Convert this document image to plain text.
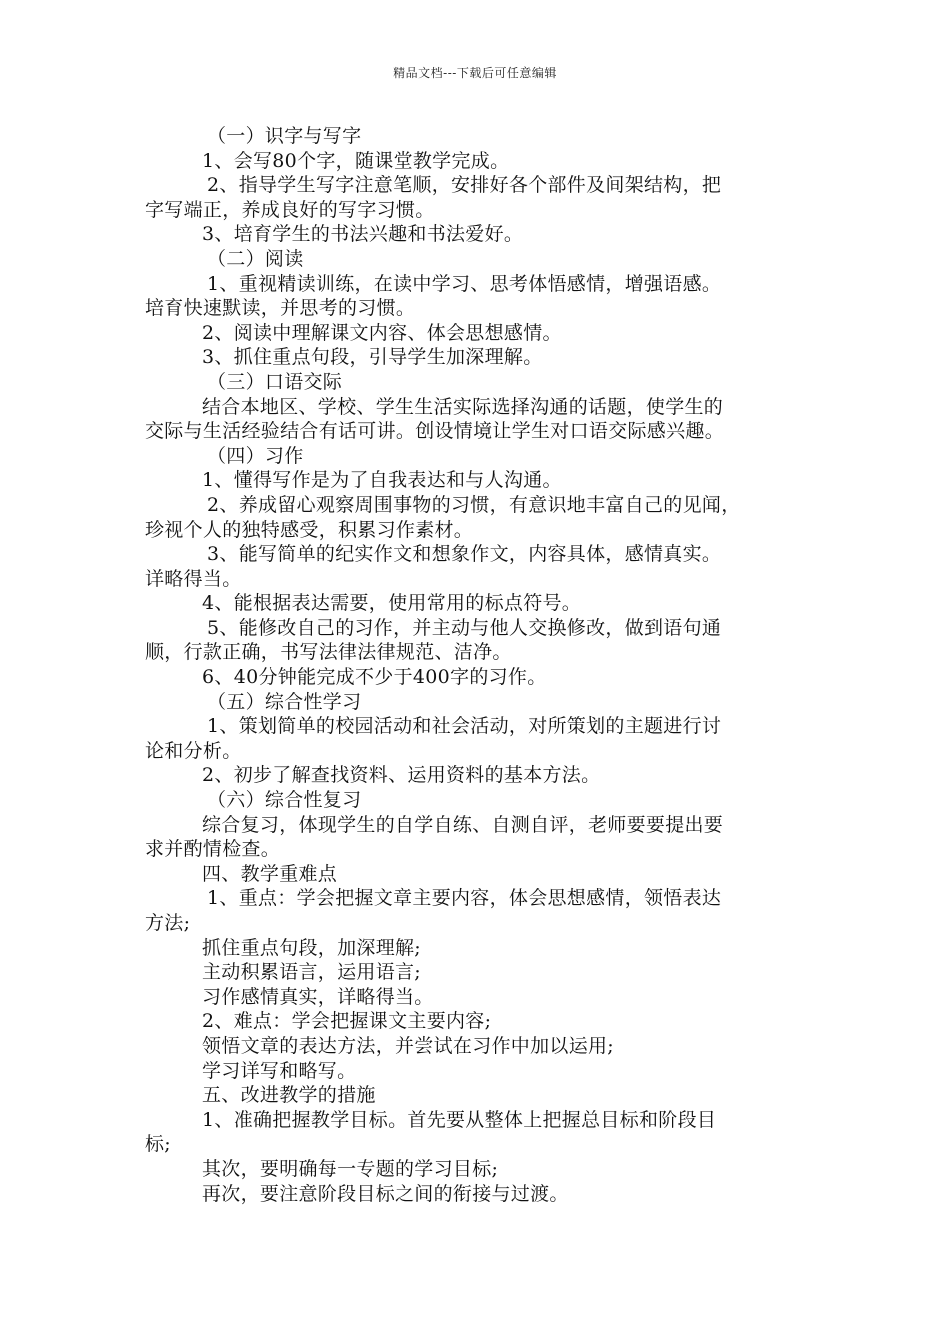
精品文档---下载后可任意编辑

（一）识字与写字

1、会写80个字，随课堂教学完成。

2、指导学生写字注意笔顺，安排好各个部件及间架结构，把

字写端正，养成良好的写字习惯。

3、培育学生的书法兴趣和书法爱好。

（二）阅读

1、重视精读训练，在读中学习、思考体悟感情，增强语感。

培育快速默读，并思考的习惯。

2、阅读中理解课文内容、体会思想感情。

3、抓住重点句段，引导学生加深理解。

（三）口语交际

结合本地区、学校、学生生活实际选择沟通的话题，使学生的

交际与生活经验结合有话可讲。创设情境让学生对口语交际感兴趣。

（四）习作

1、懂得写作是为了自我表达和与人沟通。

2、养成留心观察周围事物的习惯，有意识地丰富自己的见闻，

珍视个人的独特感受，积累习作素材。

3、能写简单的纪实作文和想象作文，内容具体，感情真实。

详略得当。

4、能根据表达需要，使用常用的标点符号。

5、能修改自己的习作，并主动与他人交换修改，做到语句通

顺，行款正确，书写法律法律规范、洁净。

6、40分钟能完成不少于400字的习作。

（五）综合性学习

1、策划简单的校园活动和社会活动，对所策划的主题进行讨

论和分析。

2、初步了解查找资料、运用资料的基本方法。

（六）综合性复习

综合复习，体现学生的自学自练、自测自评，老师要要提出要

求并酌情检查。

四、教学重难点

1、重点：学会把握文章主要内容，体会思想感情，领悟表达

方法;

抓住重点句段，加深理解;

主动积累语言，运用语言;

习作感情真实，详略得当。

2、难点：学会把握课文主要内容;

领悟文章的表达方法，并尝试在习作中加以运用;

学习详写和略写。

五、改进教学的措施

1、准确把握教学目标。首先要从整体上把握总目标和阶段目

标;

其次，要明确每一专题的学习目标;

再次，要注意阶段目标之间的衔接与过渡。
